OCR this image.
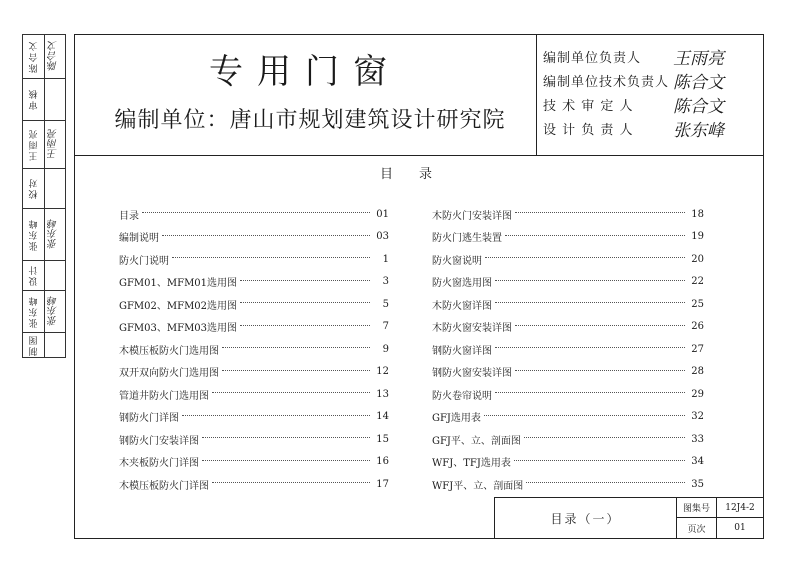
陈合文 陈合文
审核
王雨亮 王雨亮
校对
张东峰 张东峰
设计
张东峰 张东峰
制图
专用门窗
编制单位：唐山市规划建筑设计研究院
编制单位负责人 王雨亮
编制单位技术负责人 陈合文
技 术 审 定 人 陈合文
设 计 负 责 人 张东峰
目录
目录	01
编制说明	03
防火门说明	1
GFM01、MFM01选用图	3
GFM02、MFM02选用图	5
GFM03、MFM03选用图	7
木模压板防火门选用图	9
双开双向防火门选用图	12
管道井防火门选用图	13
钢防火门详图	14
钢防火门安装详图	15
木夹板防火门详图	16
木模压板防火门详图	17
木防火门安装详图	18
防火门逃生装置	19
防火窗说明	20
防火窗选用图	22
木防火窗详图	25
木防火窗安装详图	26
钢防火窗详图	27
钢防火窗安装详图	28
防火卷帘说明	29
GFJ选用表	32
GFJ平、立、剖面图	33
WFJ、TFJ选用表	34
WFJ平、立、剖面图	35
目录（一）
图集号	12J4-2
页次	01
